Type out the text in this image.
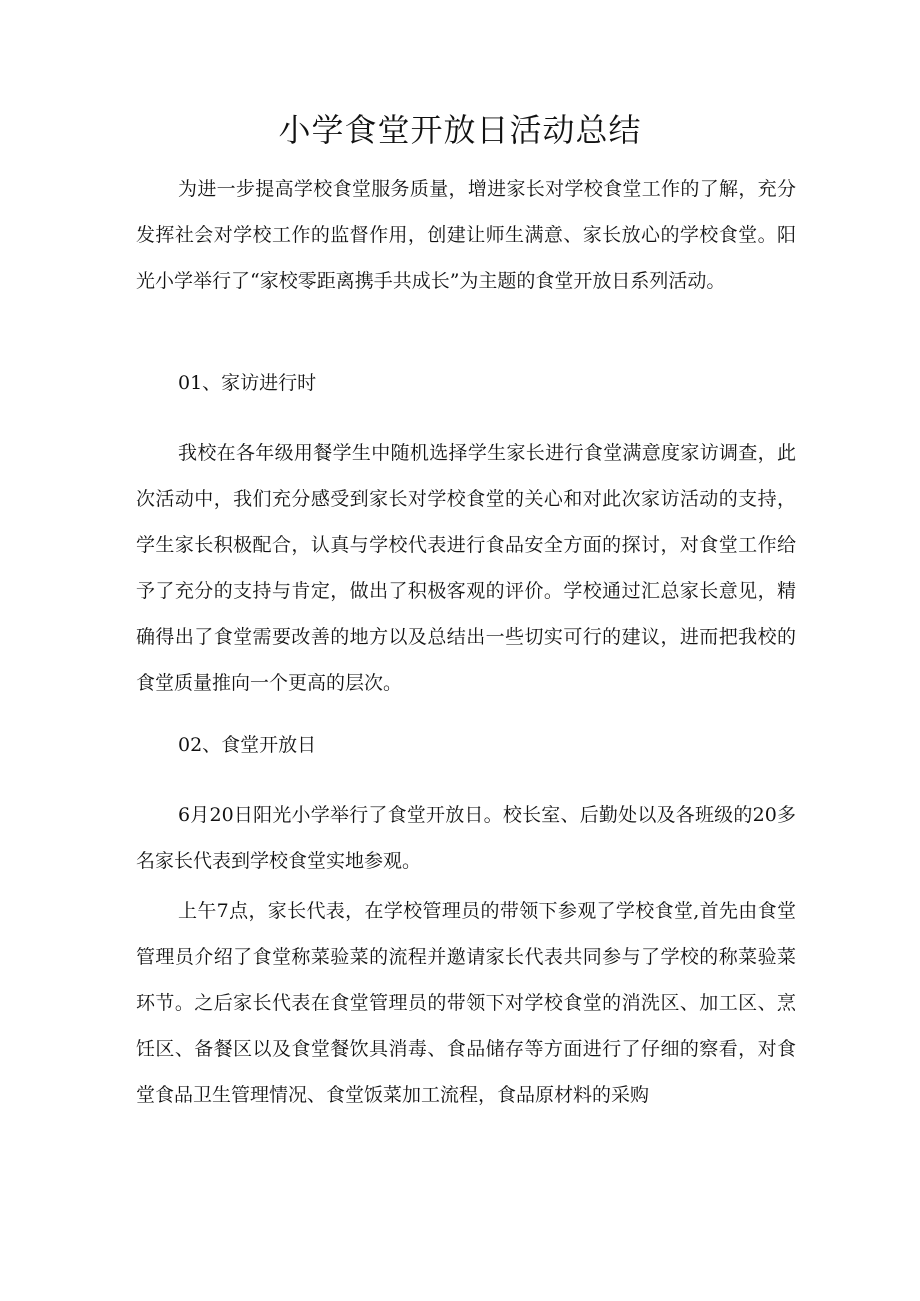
小学食堂开放日活动总结

为进一步提高学校食堂服务质量，增进家长对学校食堂工作的了解，充分发挥社会对学校工作的监督作用，创建让师生满意、家长放心的学校食堂。阳光小学举行了“家校零距离携手共成长”为主题的食堂开放日系列活动。

01、家访进行时

我校在各年级用餐学生中随机选择学生家长进行食堂满意度家访调查，此次活动中，我们充分感受到家长对学校食堂的关心和对此次家访活动的支持，学生家长积极配合，认真与学校代表进行食品安全方面的探讨，对食堂工作给予了充分的支持与肯定，做出了积极客观的评价。学校通过汇总家长意见，精确得出了食堂需要改善的地方以及总结出一些切实可行的建议，进而把我校的食堂质量推向一个更高的层次。

02、食堂开放日

6月20日阳光小学举行了食堂开放日。校长室、后勤处以及各班级的20多名家长代表到学校食堂实地参观。

上午7点，家长代表，在学校管理员的带领下参观了学校食堂,首先由食堂管理员介绍了食堂称菜验菜的流程并邀请家长代表共同参与了学校的称菜验菜环节。之后家长代表在食堂管理员的带领下对学校食堂的消洗区、加工区、烹饪区、备餐区以及食堂餐饮具消毒、食品储存等方面进行了仔细的察看，对食堂食品卫生管理情况、食堂饭菜加工流程，食品原材料的采购
